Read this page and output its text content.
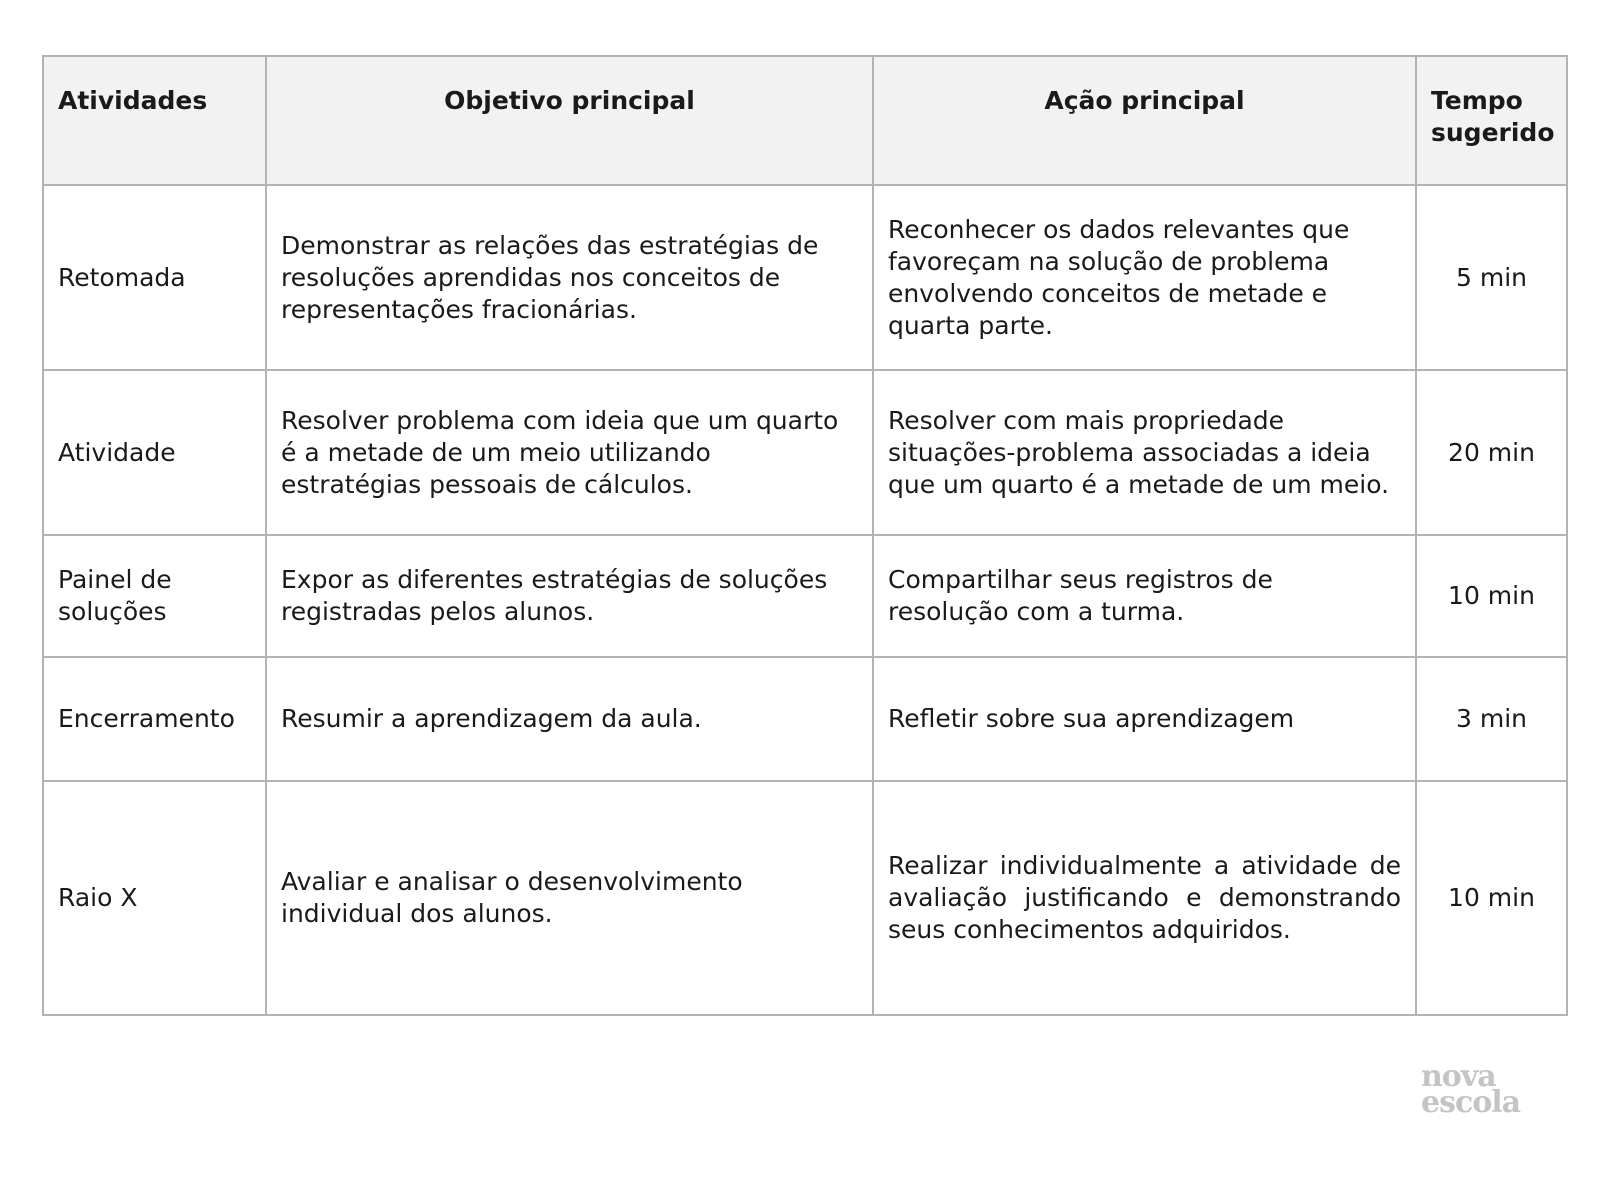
Atividades	Objetivo principal	Ação principal	Tempo sugerido
Retomada	Demonstrar as relações das estratégias de resoluções aprendidas nos conceitos de representações fracionárias.	Reconhecer os dados relevantes que favoreçam na solução de problema envolvendo conceitos de metade e quarta parte.	5 min
Atividade	Resolver problema com ideia que um quarto é a metade de um meio utilizando estratégias pessoais de cálculos.	Resolver com mais propriedade situações-problema associadas a ideia que um quarto é a metade de um meio.	20 min
Painel de soluções	Expor as diferentes estratégias de soluções registradas pelos alunos.	Compartilhar seus registros de resolução com a turma.	10 min
Encerramento	Resumir a aprendizagem da aula.	Refletir sobre sua aprendizagem	3 min
Raio X	Avaliar e analisar o desenvolvimento individual dos alunos.	Realizar individualmente a atividade de avaliação justificando e demonstrando seus conhecimentos adquiridos.	10 min
nova
escola
